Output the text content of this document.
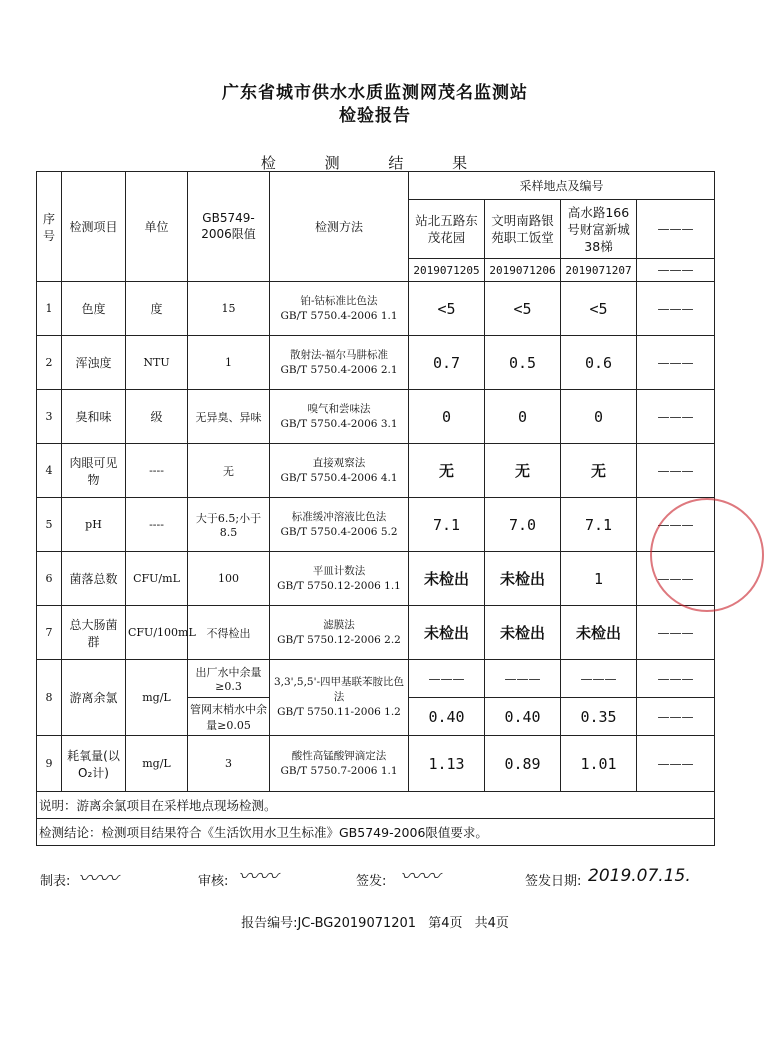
广东省城市供水水质监测网茂名监测站
检验报告
检 测 结 果
序号	检测项目	单位	GB5749-2006限值	检测方法	采样地点及编号			
					站北五路东茂花园	文明南路银苑职工饭堂	高水路166号财富新城38梯	———
					2019071205	2019071206	2019071207	———
1	色度	度	15	铂-钴标准比色法
GB/T 5750.4-2006 1.1	<5	<5	<5	———
2	浑浊度	NTU	1	散射法-福尔马肼标准
GB/T 5750.4-2006 2.1	0.7	0.5	0.6	———
3	臭和味	级	无异臭、异味	嗅气和尝味法
GB/T 5750.4-2006 3.1	0	0	0	———
4	肉眼可见物	----	无	直接观察法
GB/T 5750.4-2006 4.1	无	无	无	———
5	pH	----	大于6.5;小于8.5	标准缓冲溶液比色法
GB/T 5750.4-2006 5.2	7.1	7.0	7.1	———
6	菌落总数	CFU/mL	100	平皿计数法
GB/T 5750.12-2006 1.1	未检出	未检出	1	———
7	总大肠菌群	CFU/100mL	不得检出	滤膜法
GB/T 5750.12-2006 2.2	未检出	未检出	未检出	———
8	游离余氯	mg/L	出厂水中余量≥0.3	3,3',5,5'-四甲基联苯胺比色法
GB/T 5750.11-2006 1.2	———	———	———	———
			管网末梢水中余量≥0.05		0.40	0.40	0.35	———
9	耗氧量(以O₂计)	mg/L	3	酸性高锰酸钾滴定法
GB/T 5750.7-2006 1.1	1.13	0.89	1.01	———
说明：游离余氯项目在采样地点现场检测。								
检测结论：检测项目结果符合《生活饮用水卫生标准》GB5749-2006限值要求。								
制表: 〰〰	审核: 〰〰	签发: 〰〰	签发日期: 2019.07.15.
报告编号:JC-BG2019071201 第4页 共4页
